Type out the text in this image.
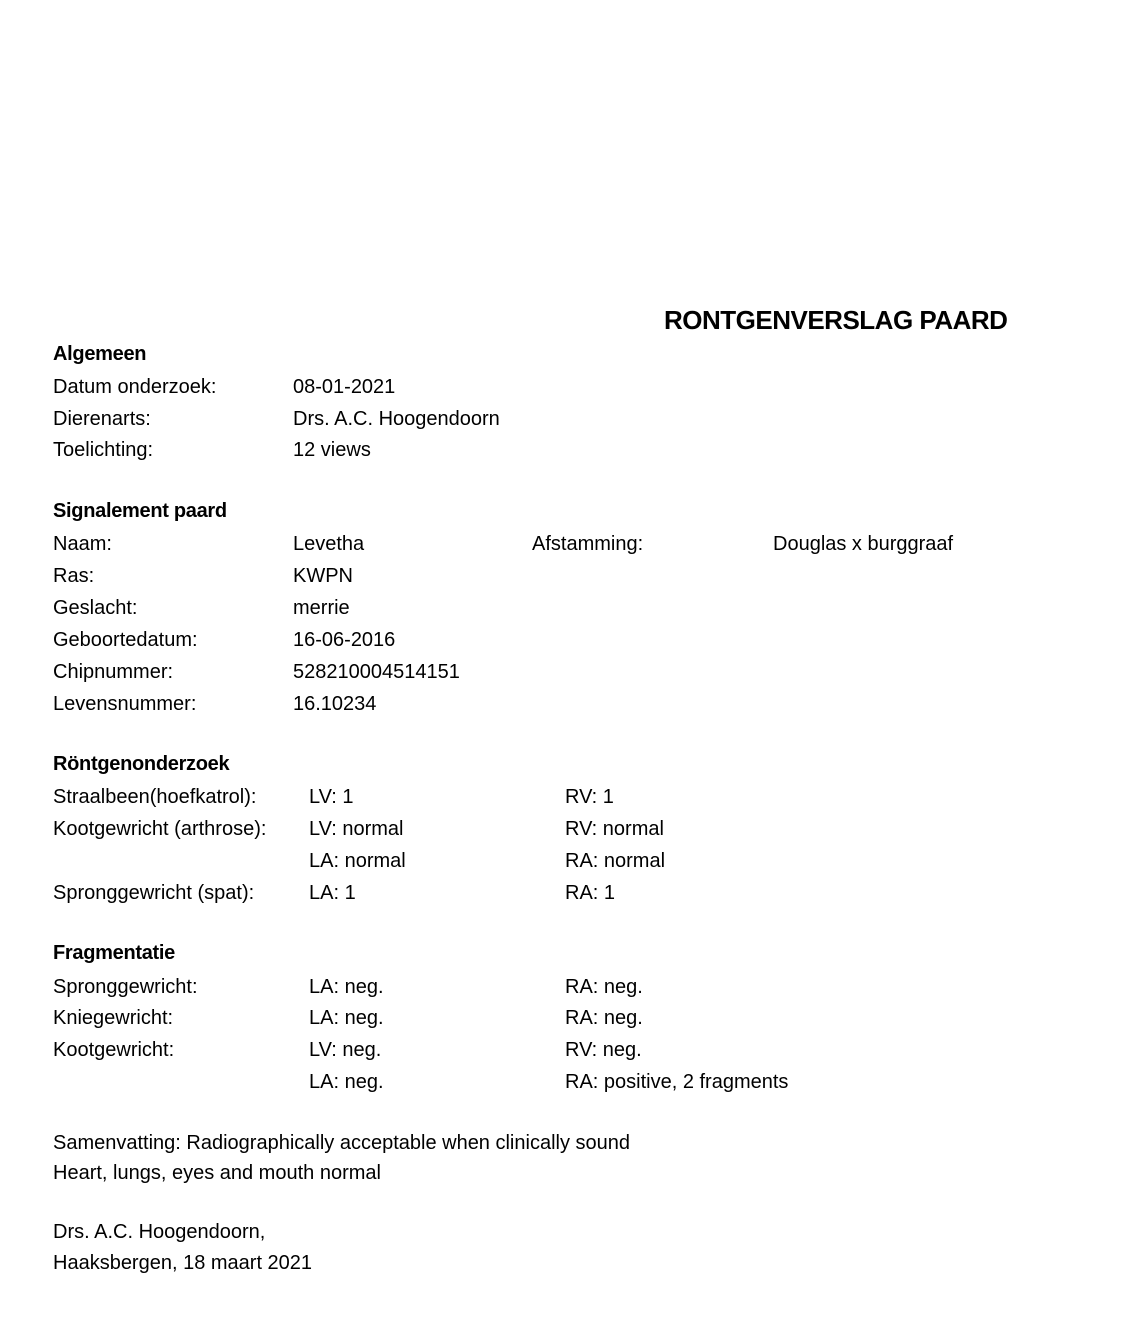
RONTGENVERSLAG PAARD
Algemeen
Datum onderzoek:	08-01-2021
Dierenarts:	Drs. A.C. Hoogendoorn
Toelichting:	12 views
Signalement paard
Naam:	Levetha	Afstamming:	Douglas x burggraaf
Ras:	KWPN
Geslacht:	merrie
Geboortedatum:	16-06-2016
Chipnummer:	528210004514151
Levensnummer:	16.10234
Röntgenonderzoek
Straalbeen(hoefkatrol):	LV: 1	RV: 1
Kootgewricht (arthrose): LV: normal	RV: normal
LA: normal	RA: normal
Spronggewricht (spat):	LA: 1	RA: 1
Fragmentatie
Spronggewricht:	LA: neg.	RA: neg.
Kniegewricht:	LA: neg.	RA: neg.
Kootgewricht:	LV: neg.	RV: neg.
LA: neg.	RA: positive, 2 fragments
Samenvatting: Radiographically acceptable when clinically sound
Heart, lungs, eyes and mouth normal
Drs. A.C. Hoogendoorn,
Haaksbergen, 18 maart 2021
